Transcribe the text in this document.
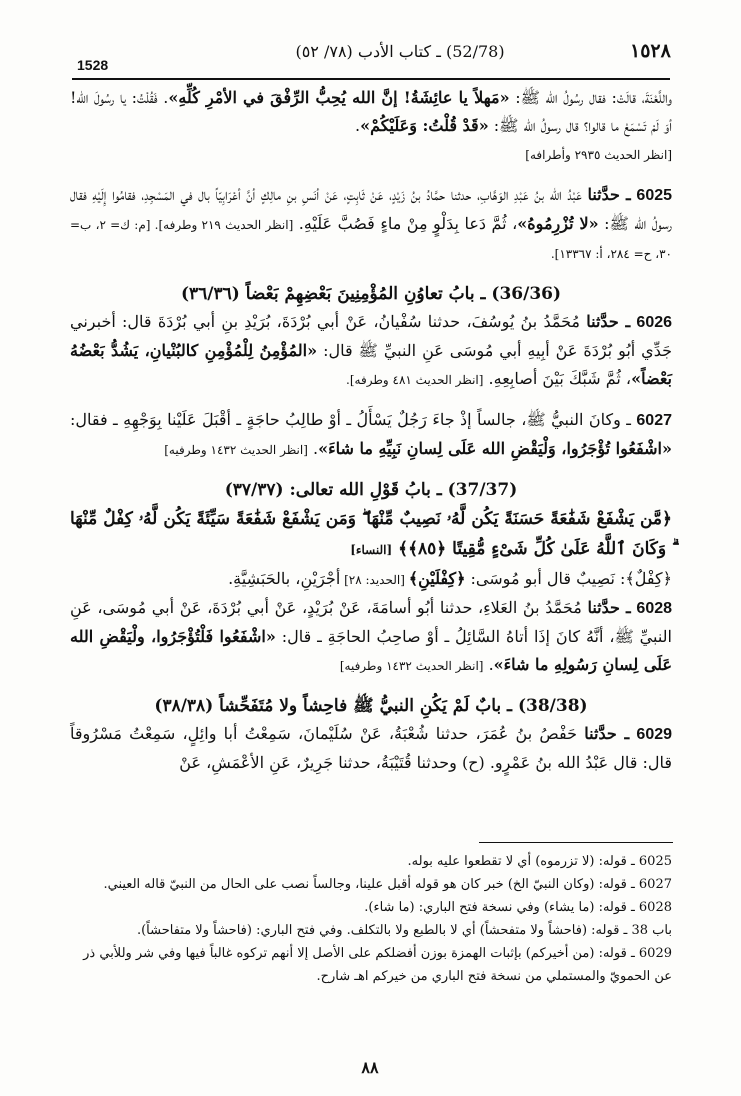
١٥٢٨
(52/78) ـ كتاب الأدب (٧٨/ ٥٢)
1528

واللَّعْنَةَ، قالَتْ: فقال رسُولُ الله ﷺ: «مَهلاً يا عائِشَةُ! إنَّ الله يُحِبُّ الرِّفْقَ في الأمْرِ كُلِّهِ». فَقُلْتُ: يا رسُولَ الله! أوَ لَمْ تَسْمَعْ ما قالوا؟ قال رسولُ الله ﷺ: «قَدْ قُلْتُ: وَعَلَيْكُمْ».
[انظر الحديث ٢٩٣٥ وأطرافه]

6025 ـ حدَّثنا عَبْدُ الله بنُ عَبْدِ الوَهَّابِ، حدثنا حمَّادُ بنُ زَيْدٍ، عَنْ ثَابِتٍ، عَنْ أنَسِ بنِ مالِكٍ أنَّ أعْرَابِيّاً بال في المَسْجِدِ، فقامُوا إِلَيْهِ فقال رسولُ الله ﷺ: «لا تُزْرِمُوهُ»، ثُمَّ دَعا بِدَلْوٍ مِنْ ماءٍ فَصُبَّ عَلَيْهِ. [انظر الحديث ٢١٩ وطرفه]. [م: ك= ٢، ب= ٣٠، ح= ٢٨٤، أ: ١٣٣٦٧].

(36/36) ـ بابُ تعاوُنِ المُؤْمِنِينَ بَعْضِهِمْ بَعْضاً (٣٦/٣٦)

6026 ـ حدَّثنا مُحَمَّدُ بنُ يُوسُفَ، حدثنا سُفْيانُ، عَنْ أبي بُرْدَةَ، بُرَيْدِ بنِ أبي بُرْدَةَ قال: أخبرني جَدِّي أبُو بُرْدَةَ عَنْ أبِيهِ أبي مُوسَى عَنِ النبيِّ ﷺ قال: «المُؤْمِنُ لِلْمُؤْمِنِ كالبُنْيانِ، يَشُدُّ بَعْضُهُ بَعْضاً»، ثُمَّ شَبَّكَ بَيْنَ أصابِعِهِ. [انظر الحديث ٤٨١ وطرفه].

6027 ـ وكانَ النبيُّ ﷺ، جالساً إذْ جاءَ رَجُلٌ يَسْأَلُ ـ أوْ طالِبُ حاجَةٍ ـ أقْبَلَ عَلَيْنا بِوَجْهِهِ ـ فقال: «اشْفَعُوا تُؤْجَرُوا، وَلْيَقْضِ الله عَلَى لِسانِ نَبِيِّهِ ما شاءَ». [انظر الحديث ١٤٣٢ وطرفيه]

(37/37) ـ بابُ قَوْلِ الله تعالى: (٣٧/٣٧)

﴿مَّن يَشْفَعْ شَفَٰعَةً حَسَنَةً يَكُن لَّهُۥ نَصِيبٌ مِّنْهَا ۖ وَمَن يَشْفَعْ شَفَٰعَةً سَيِّئَةً يَكُن لَّهُۥ كِفْلٌ مِّنْهَا ۗ وَكَانَ ٱللَّهُ عَلَىٰ كُلِّ شَىْءٍ مُّقِيتًا ﴿٨٥﴾﴾ [النساء]

﴿كِفْلٌ﴾: نَصِيبٌ قال أبو مُوسَى: ﴿كِفْلَيْنِ﴾ [الحديد: ٢٨] أجْرَيْنِ، بالحَبَشِيَّةِ.

6028 ـ حدَّثنا مُحَمَّدُ بنُ العَلاءِ، حدثنا أبُو أسامَةَ، عَنْ بُرَيْدٍ، عَنْ أبي بُرْدَةَ، عَنْ أبي مُوسَى، عَنِ النبيِّ ﷺ، أنَّهُ كانَ إذَا أتاهُ السَّائِلُ ـ أوْ صاحِبُ الحاجَةِ ـ قال: «اشْفَعُوا فَلْتُؤْجَرُوا، ولْيَقْضِ الله عَلَى لِسانِ رَسُولِهِ ما شاءَ». [انظر الحديث ١٤٣٢ وطرفيه]

(38/38) ـ بابٌ لَمْ يَكُنِ النبيُّ ﷺ فاحِشاً ولا مُتَفَحِّشاً (٣٨/٣٨)

6029 ـ حدَّثنا حَفْصُ بنُ عُمَرَ، حدثنا شُعْبَةُ، عَنْ سُلَيْمانَ، سَمِعْتُ أبا وائِلٍ، سَمِعْتُ مَسْرُوقاً قال: قال عَبْدُ الله بنُ عَمْرٍو. (ح) وحدثنا قُتَيْبَةُ، حدثنا جَرِيرٌ، عَنِ الأعْمَشِ، عَنْ

6025 ـ قوله: (لا تزرموه) أي لا تقطعوا عليه بوله.

6027 ـ قوله: (وكان النبيّ الخ) خبر كان هو قوله أقبل علينا، وجالساً نصب على الحال من النبيّ قاله العيني.

6028 ـ قوله: (ما يشاء) وفي نسخة فتح الباري: (ما شاء).

باب 38 ـ قوله: (فاحشاً ولا متفحشاً) أي لا بالطبع ولا بالتكلف. وفي فتح الباري: (فاحشاً ولا متفاحشاً).

6029 ـ قوله: (من أخيركم) بإثبات الهمزة بوزن أفضلكم على الأصل إلا أنهم تركوه غالباً فيها وفي شر وللأبي ذر عن الحمويّ والمستملي من نسخة فتح الباري من خيركم اهـ شارح.

٨٨
